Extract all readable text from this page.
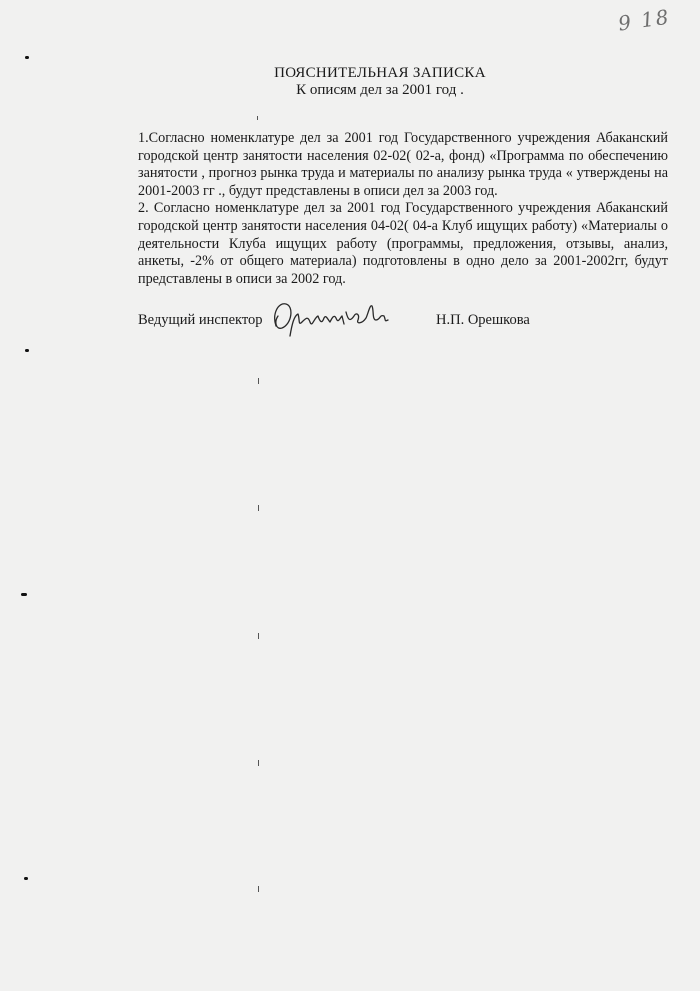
9 18
ПОЯСНИТЕЛЬНАЯ ЗАПИСКА
К описям дел за 2001 год .

1.Согласно номенклатуре дел за 2001 год Государственного учреждения Абаканский городской центр занятости населения 02-02( 02-а, фонд) «Программа по обеспечению занятости , прогноз рынка труда и материалы по анализу рынка труда « утверждены на 2001-2003 гг ., будут представлены в описи дел за 2003 год.

2. Согласно номенклатуре дел за 2001 год Государственного учреждения Абаканский городской центр занятости населения 04-02( 04-а Клуб ищущих работу) «Материалы о деятельности Клуба ищущих работу (программы, предложения, отзывы, анализ, анкеты, -2% от общего материала) подготовлены в одно дело за 2001-2002гг, будут представлены в описи за 2002 год.

Ведущий инспектор	Н.П. Орешкова
